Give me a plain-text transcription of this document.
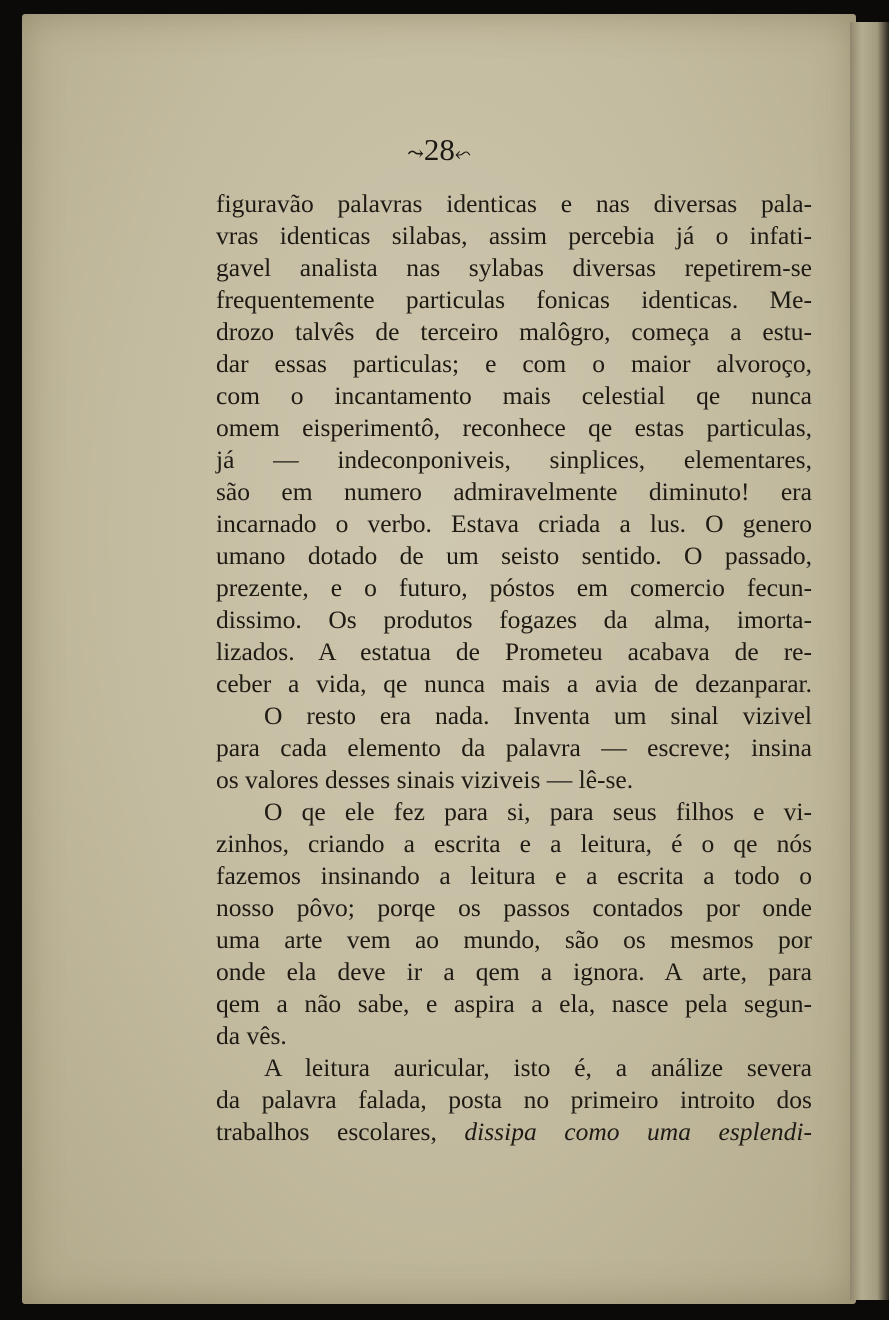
⤳28⬿
figuravão palavras identicas e nas diversas pala-
vras identicas silabas, assim percebia já o infati-
gavel analista nas sylabas diversas repetirem-se
frequentemente particulas fonicas identicas. Me-
drozo talvês de terceiro malôgro, começa a estu-
dar essas particulas; e com o maior alvoroço,
com o incantamento mais celestial qe nunca
omem eisperimentô, reconhece qe estas particulas,
já — indeconponiveis, sinplices, elementares,
são em numero admiravelmente diminuto! era
incarnado o verbo. Estava criada a lus. O genero
umano dotado de um seisto sentido. O passado,
prezente, e o futuro, póstos em comercio fecun-
dissimo. Os produtos fogazes da alma, imorta-
lizados. A estatua de Prometeu acabava de re-
ceber a vida, qe nunca mais a avia de dezanparar.
O resto era nada. Inventa um sinal vizivel
para cada elemento da palavra — escreve; insina
os valores desses sinais viziveis — lê-se.
O qe ele fez para si, para seus filhos e vi-
zinhos, criando a escrita e a leitura, é o qe nós
fazemos insinando a leitura e a escrita a todo o
nosso pôvo; porqe os passos contados por onde
uma arte vem ao mundo, são os mesmos por
onde ela deve ir a qem a ignora. A arte, para
qem a não sabe, e aspira a ela, nasce pela segun-
da vês.
A leitura auricular, isto é, a análize severa
da palavra falada, posta no primeiro introito dos
trabalhos escolares, dissipa como uma esplendi-
